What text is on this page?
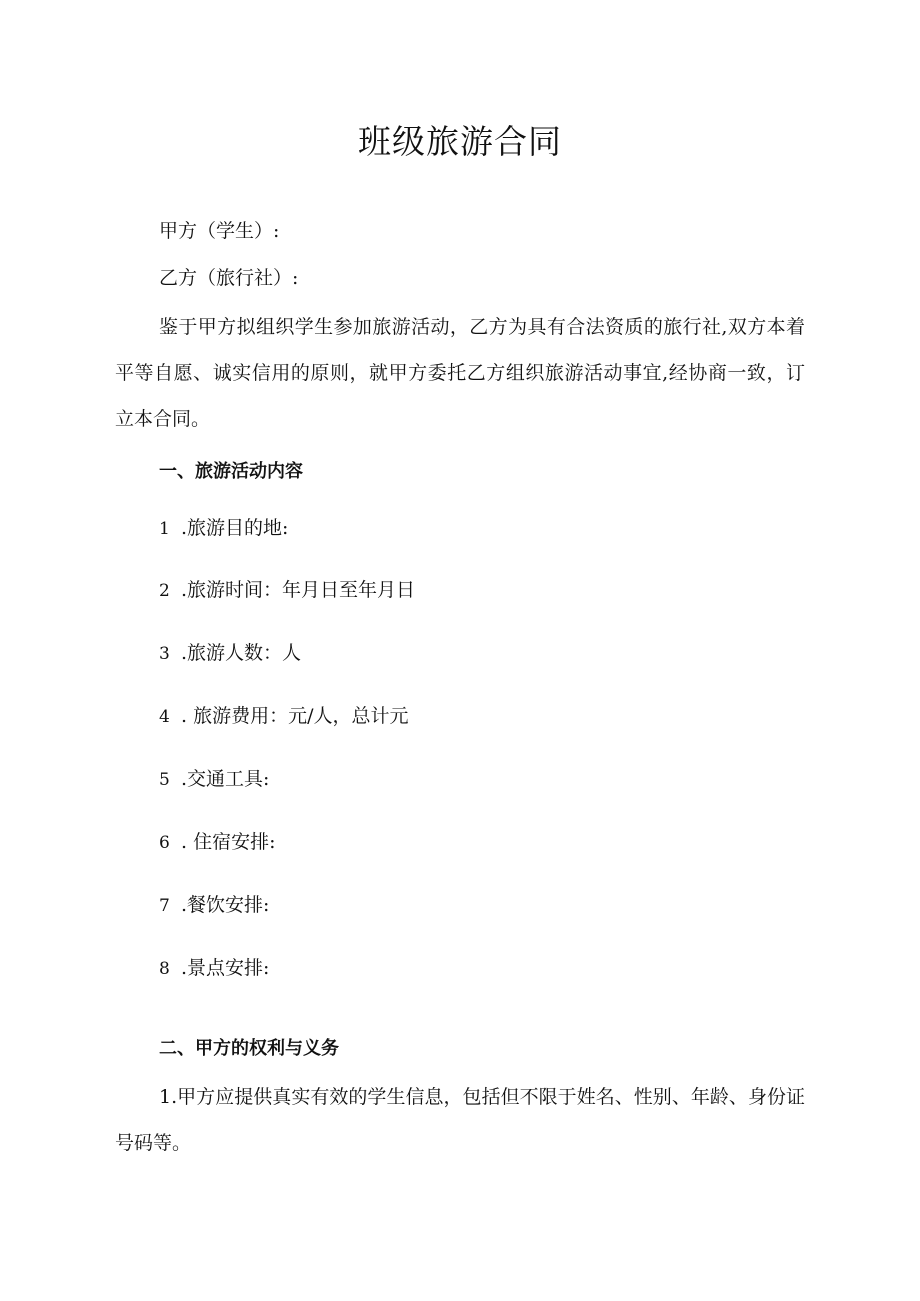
班级旅游合同
甲方（学生）:
乙方（旅行社）:
鉴于甲方拟组织学生参加旅游活动，乙方为具有合法资质的旅行社,双方本着平等自愿、诚实信用的原则，就甲方委托乙方组织旅游活动事宜,经协商一致，订立本合同。
一、旅游活动内容
1 .旅游目的地:
2 .旅游时间：年月日至年月日
3 .旅游人数：人
4 . 旅游费用：元/人，总计元
5 .交通工具:
6 . 住宿安排:
7 .餐饮安排:
8 .景点安排:
二、甲方的权利与义务
1.甲方应提供真实有效的学生信息，包括但不限于姓名、性别、年龄、身份证号码等。
